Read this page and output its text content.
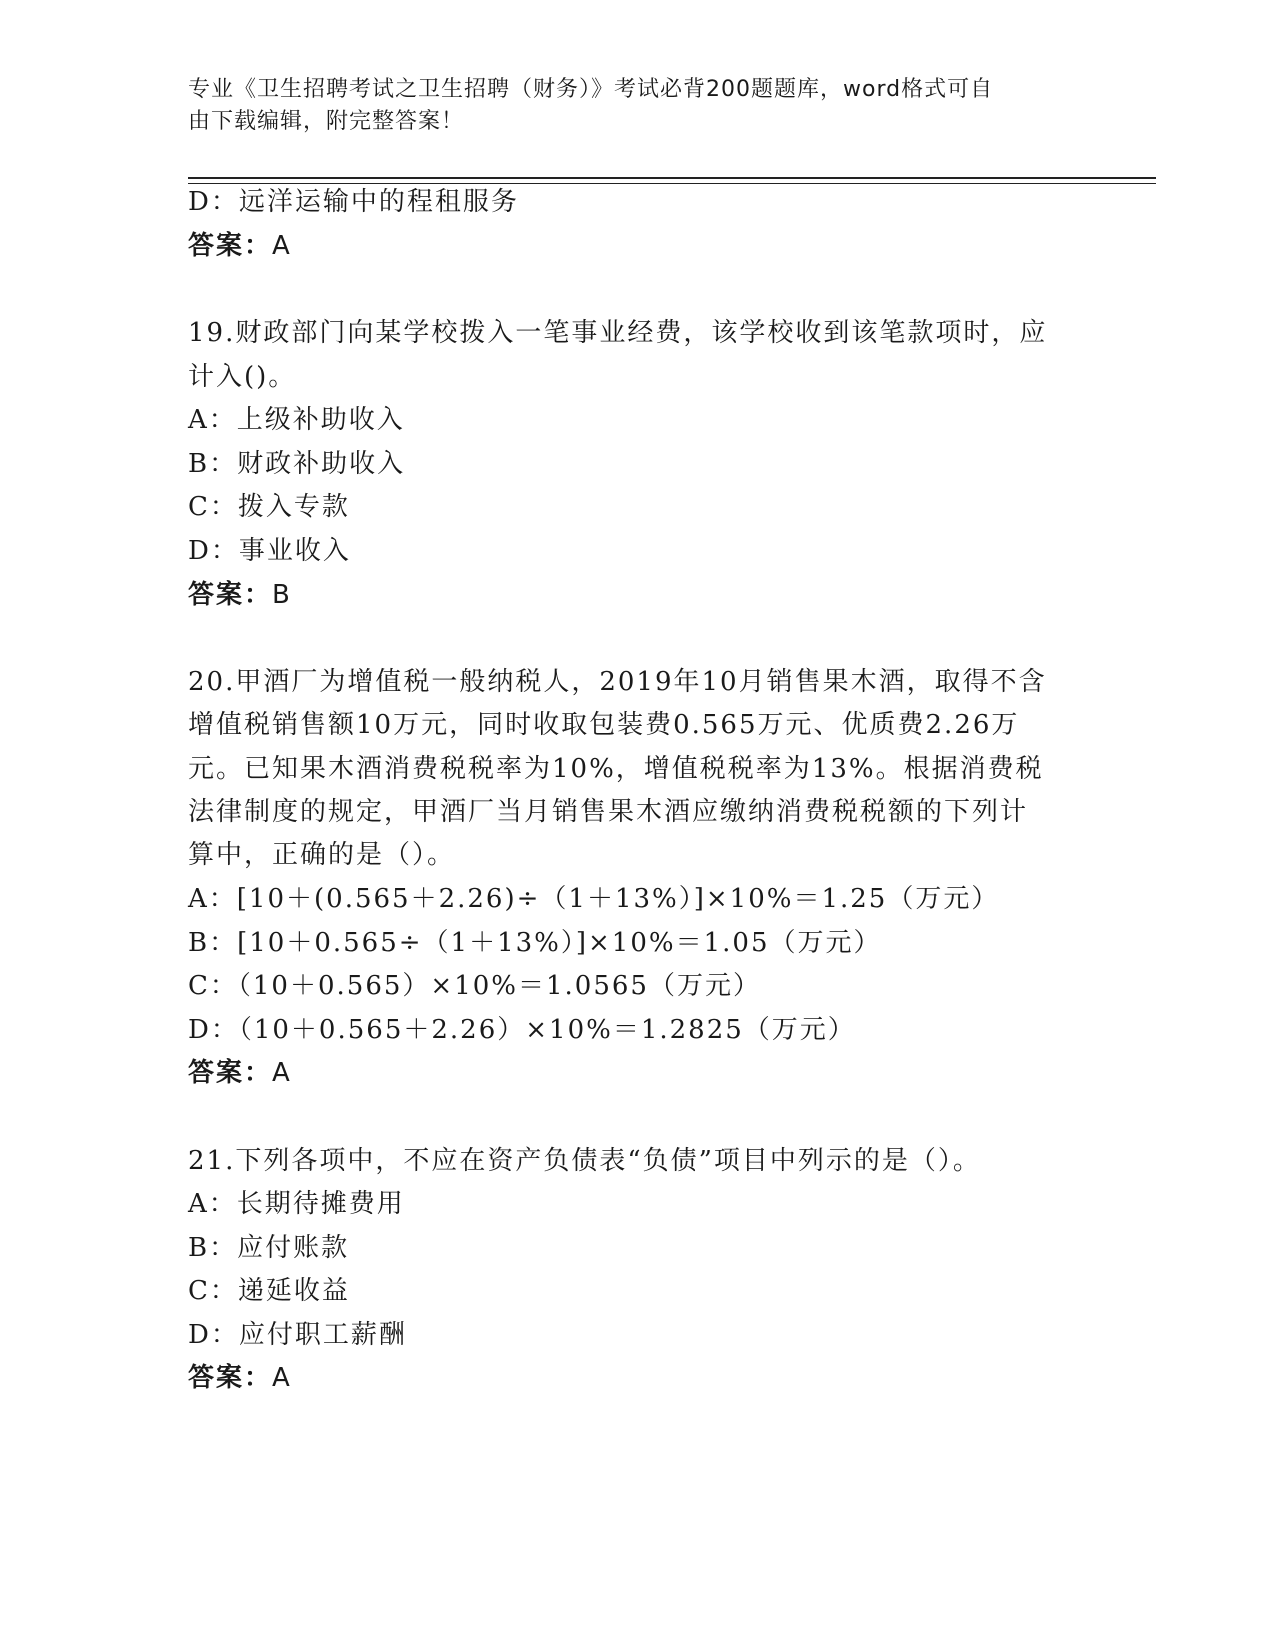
专业《卫生招聘考试之卫生招聘（财务）》考试必背200题题库，word格式可自
由下载编辑，附完整答案！
D：远洋运输中的程租服务
答案：A
19.财政部门向某学校拨入一笔事业经费，该学校收到该笔款项时，应
计入()。
A：上级补助收入
B：财政补助收入
C：拨入专款
D：事业收入
答案：B
20.甲酒厂为增值税一般纳税人，2019年10月销售果木酒，取得不含
增值税销售额10万元，同时收取包装费0.565万元、优质费2.26万
元。已知果木酒消费税税率为10%，增值税税率为13%。根据消费税
法律制度的规定，甲酒厂当月销售果木酒应缴纳消费税税额的下列计
算中，正确的是（）。
A：[10＋(0.565＋2.26)÷（1＋13%）]×10%＝1.25（万元）
B：[10＋0.565÷（1＋13%）]×10%＝1.05（万元）
C：（10＋0.565）×10%＝1.0565（万元）
D：（10＋0.565＋2.26）×10%＝1.2825（万元）
答案：A
21.下列各项中，不应在资产负债表“负债”项目中列示的是（）。
A：长期待摊费用
B：应付账款
C：递延收益
D：应付职工薪酬
答案：A
